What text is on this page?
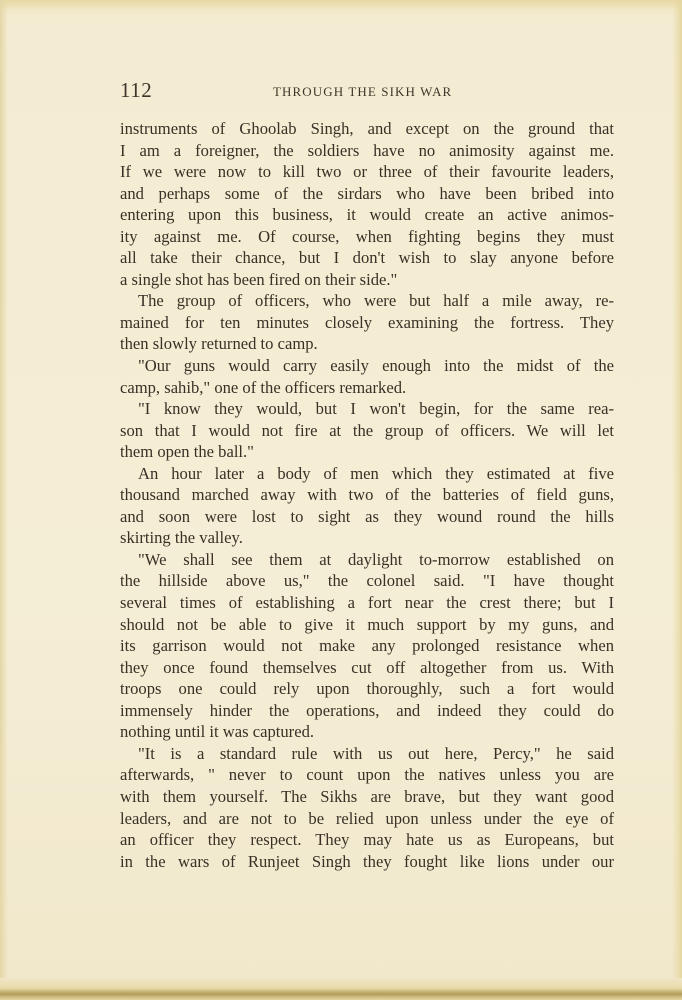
112	THROUGH THE SIKH WAR
instruments of Ghoolab Singh, and except on the ground that
I am a foreigner, the soldiers have no animosity against me.
If we were now to kill two or three of their favourite leaders,
and perhaps some of the sirdars who have been bribed into
entering upon this business, it would create an active animos-
ity against me. Of course, when fighting begins they must
all take their chance, but I don't wish to slay anyone before
a single shot has been fired on their side."
The group of officers, who were but half a mile away, re-
mained for ten minutes closely examining the fortress. They
then slowly returned to camp.
"Our guns would carry easily enough into the midst of the
camp, sahib," one of the officers remarked.
"I know they would, but I won't begin, for the same rea-
son that I would not fire at the group of officers. We will let
them open the ball."
An hour later a body of men which they estimated at five
thousand marched away with two of the batteries of field guns,
and soon were lost to sight as they wound round the hills
skirting the valley.
"We shall see them at daylight to-morrow established on
the hillside above us," the colonel said. "I have thought
several times of establishing a fort near the crest there; but I
should not be able to give it much support by my guns, and
its garrison would not make any prolonged resistance when
they once found themselves cut off altogether from us. With
troops one could rely upon thoroughly, such a fort would
immensely hinder the operations, and indeed they could do
nothing until it was captured.
"It is a standard rule with us out here, Percy," he said
afterwards, " never to count upon the natives unless you are
with them yourself. The Sikhs are brave, but they want good
leaders, and are not to be relied upon unless under the eye of
an officer they respect. They may hate us as Europeans, but
in the wars of Runjeet Singh they fought like lions under our
